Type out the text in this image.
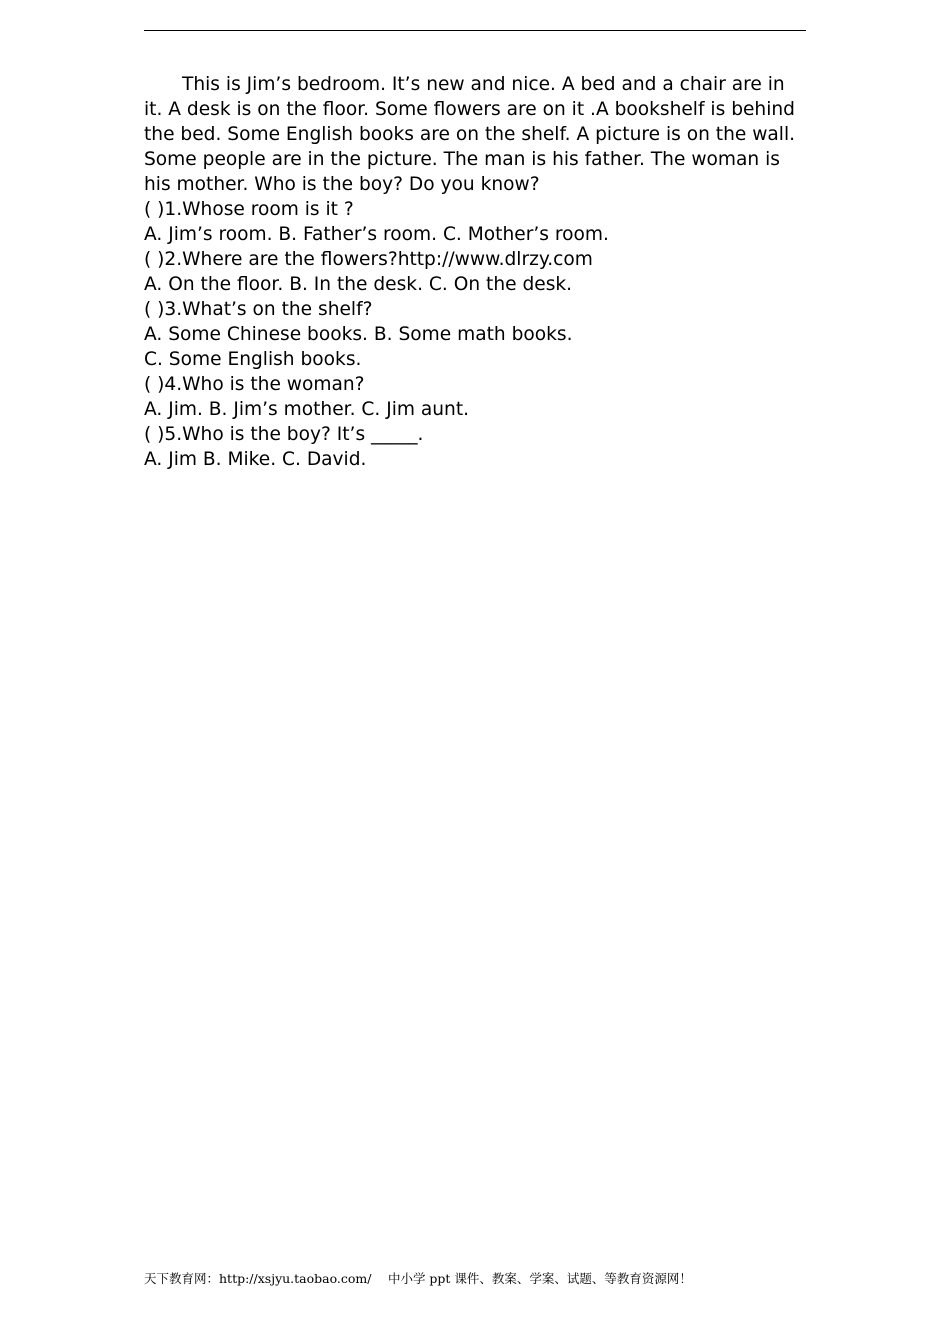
This is Jim’s bedroom. It’s new and nice. A bed and a chair are in it. A desk is on the floor. Some flowers are on it .A bookshelf is behind the bed. Some English books are on the shelf. A picture is on the wall. Some people are in the picture. The man is his father. The woman is his mother. Who is the boy? Do you know?

( )1.Whose room is it ?

A. Jim’s room. B. Father’s room. C. Mother’s room.

( )2.Where are the flowers?http://www.dlrzy.com

A. On the floor. B. In the desk. C. On the desk.

( )3.What’s on the shelf?

A. Some Chinese books. B. Some math books.

C. Some English books.

( )4.Who is the woman?

A. Jim. B. Jim’s mother. C. Jim aunt.

( )5.Who is the boy? It’s _____.

A. Jim B. Mike. C. David.

天下教育网：http://xsjyu.taobao.com/　 中小学 ppt 课件、教案、学案、试题、等教育资源网！
